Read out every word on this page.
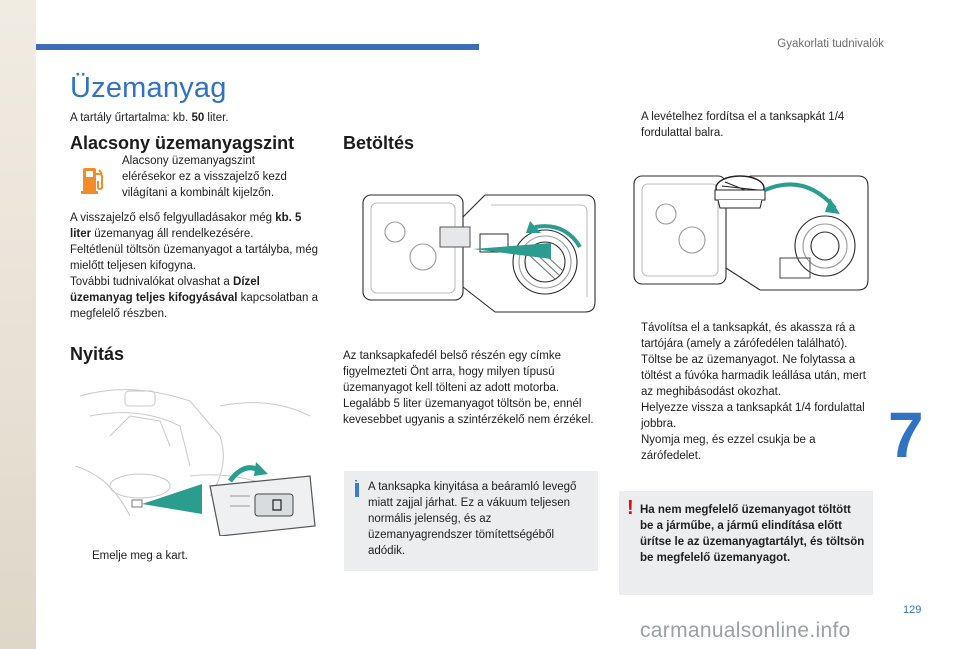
Gyakorlati tudnivalók
Üzemanyag
A tartály űrtartalma: kb. 50 liter.
Alacsony üzemanyagszint

Alacsony üzemanyagszint elérésekor ez a visszajelző kezd világítani a kombinált kijelzőn.

A visszajelző első felgyulladásakor még kb. 5 liter üzemanyag áll rendelkezésére.
Feltétlenül töltsön üzemanyagot a tartályba, még mielőtt teljesen kifogyna.
További tudnivalókat olvashat a Dízel üzemanyag teljes kifogyásával kapcsolatban a megfelelő részben.

Nyitás
Emelje meg a kart.
Betöltés

Az tanksapkafedél belső részén egy címke figyelmezteti Önt arra, hogy milyen típusú üzemanyagot kell tölteni az adott motorba. Legalább 5 liter üzemanyagot töltsön be, ennél kevesebbet ugyanis a szintérzékelő nem érzékel.

i A tanksapka kinyitása a beáramló levegő miatt zajjal járhat. Ez a vákuum teljesen normális jelenség, és az üzemanyagrendszer tömítettségéből adódik.

A levételhez fordítsa el a tanksapkát 1/4 fordulattal balra.
Távolítsa el a tanksapkát, és akassza rá a tartójára (amely a zárófedélen található).
Töltse be az üzemanyagot. Ne folytassa a töltést a fúvóka harmadik leállása után, mert az meghibásodást okozhat.
Helyezze vissza a tanksapkát 1/4 fordulattal jobbra.
Nyomja meg, és ezzel csukja be a zárófedelet.
! Ha nem megfelelő üzemanyagot töltött be a járműbe, a jármű elindítása előtt ürítse le az üzemanyagtartályt, és töltsön be megfelelő üzemanyagot.

7
129
carmanualsonline.info
